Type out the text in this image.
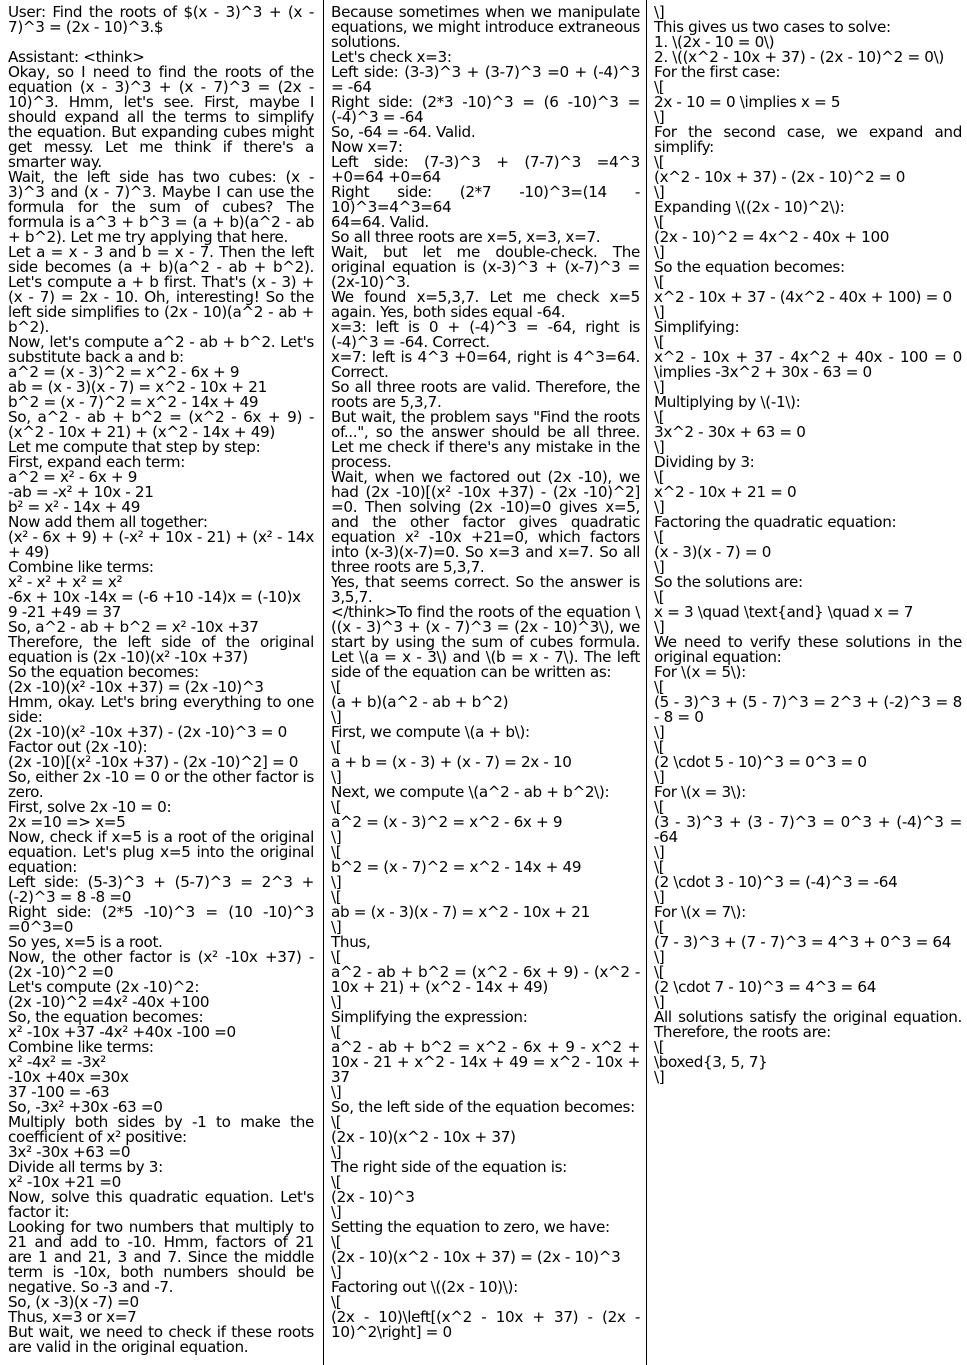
User: Find the roots of $(x - 3)^3 + (x - 7)^3 = (2x - 10)^3.$

Assistant: <think>
Okay, so I need to find the roots of the equation (x - 3)^3 + (x - 7)^3 = (2x - 10)^3. Hmm, let's see. First, maybe I should expand all the terms to simplify the equation. But expanding cubes might get messy. Let me think if there's a smarter way.
Wait, the left side has two cubes: (x - 3)^3 and (x - 7)^3. Maybe I can use the formula for the sum of cubes? The formula is a^3 + b^3 = (a + b)(a^2 - ab + b^2). Let me try applying that here.
Let a = x - 3 and b = x - 7. Then the left side becomes (a + b)(a^2 - ab + b^2). Let's compute a + b first. That's (x - 3) + (x - 7) = 2x - 10. Oh, interesting! So the left side simplifies to (2x - 10)(a^2 - ab + b^2).
Now, let's compute a^2 - ab + b^2. Let's substitute back a and b:
a^2 = (x - 3)^2 = x^2 - 6x + 9
ab = (x - 3)(x - 7) = x^2 - 10x + 21
b^2 = (x - 7)^2 = x^2 - 14x + 49
So, a^2 - ab + b^2 = (x^2 - 6x + 9) - (x^2 - 10x + 21) + (x^2 - 14x + 49)
Let me compute that step by step:
First, expand each term:
a^2 = x² - 6x + 9
-ab = -x² + 10x - 21
b² = x² - 14x + 49
Now add them all together:
(x² - 6x + 9) + (-x² + 10x - 21) + (x² - 14x + 49)
Combine like terms:
x² - x² + x² = x²
-6x + 10x -14x = (-6 +10 -14)x = (-10)x
9 -21 +49 = 37
So, a^2 - ab + b^2 = x² -10x +37
Therefore, the left side of the original equation is (2x -10)(x² -10x +37)
So the equation becomes:
(2x -10)(x² -10x +37) = (2x -10)^3
Hmm, okay. Let's bring everything to one side:
(2x -10)(x² -10x +37) - (2x -10)^3 = 0
Factor out (2x -10):
(2x -10)[(x² -10x +37) - (2x -10)^2] = 0
So, either 2x -10 = 0 or the other factor is zero.
First, solve 2x -10 = 0:
2x =10 => x=5
Now, check if x=5 is a root of the original equation. Let's plug x=5 into the original equation:
Left side: (5-3)^3 + (5-7)^3 = 2^3 + (-2)^3 = 8 -8 =0
Right side: (2*5 -10)^3 = (10 -10)^3 =0^3=0
So yes, x=5 is a root.
Now, the other factor is (x² -10x +37) - (2x -10)^2 =0
Let's compute (2x -10)^2:
(2x -10)^2 =4x² -40x +100
So, the equation becomes:
x² -10x +37 -4x² +40x -100 =0
Combine like terms:
x² -4x² = -3x²
-10x +40x =30x
37 -100 = -63
So, -3x² +30x -63 =0
Multiply both sides by -1 to make the coefficient of x² positive:
3x² -30x +63 =0
Divide all terms by 3:
x² -10x +21 =0
Now, solve this quadratic equation. Let's factor it:
Looking for two numbers that multiply to 21 and add to -10. Hmm, factors of 21 are 1 and 21, 3 and 7. Since the middle term is -10x, both numbers should be negative. So -3 and -7.
So, (x -3)(x -7) =0
Thus, x=3 or x=7
But wait, we need to check if these roots are valid in the original equation.
Because sometimes when we manipulate equations, we might introduce extraneous solutions.
Let's check x=3:
Left side: (3-3)^3 + (3-7)^3 =0 + (-4)^3 = -64
Right side: (2*3 -10)^3 = (6 -10)^3 = (-4)^3 = -64
So, -64 = -64. Valid.
Now x=7:
Left side: (7-3)^3 + (7-7)^3 =4^3 +0=64 +0=64
Right side: (2*7 -10)^3=(14 - 10)^3=4^3=64
64=64. Valid.
So all three roots are x=5, x=3, x=7.
Wait, but let me double-check. The original equation is (x-3)^3 + (x-7)^3 = (2x-10)^3.
We found x=5,3,7. Let me check x=5 again. Yes, both sides equal -64.
x=3: left is 0 + (-4)^3 = -64, right is (-4)^3 = -64. Correct.
x=7: left is 4^3 +0=64, right is 4^3=64. Correct.
So all three roots are valid. Therefore, the roots are 5,3,7.
But wait, the problem says "Find the roots of...", so the answer should be all three. Let me check if there's any mistake in the process.
Wait, when we factored out (2x -10), we had (2x -10)[(x² -10x +37) - (2x -10)^2] =0. Then solving (2x -10)=0 gives x=5, and the other factor gives quadratic equation x² -10x +21=0, which factors into (x-3)(x-7)=0. So x=3 and x=7. So all three roots are 5,3,7.
Yes, that seems correct. So the answer is 3,5,7.
</think>To find the roots of the equation \((x - 3)^3 + (x - 7)^3 = (2x - 10)^3\), we start by using the sum of cubes formula. Let \(a = x - 3\) and \(b = x - 7\). The left side of the equation can be written as:
\[
(a + b)(a^2 - ab + b^2)
\]
First, we compute \(a + b\):
\[
a + b = (x - 3) + (x - 7) = 2x - 10
\]
Next, we compute \(a^2 - ab + b^2\):
\[
a^2 = (x - 3)^2 = x^2 - 6x + 9
\]
\[
b^2 = (x - 7)^2 = x^2 - 14x + 49
\]
\[
ab = (x - 3)(x - 7) = x^2 - 10x + 21
\]
Thus,
\[
a^2 - ab + b^2 = (x^2 - 6x + 9) - (x^2 - 10x + 21) + (x^2 - 14x + 49)
\]
Simplifying the expression:
\[
a^2 - ab + b^2 = x^2 - 6x + 9 - x^2 + 10x - 21 + x^2 - 14x + 49 = x^2 - 10x + 37
\]
So, the left side of the equation becomes:
\[
(2x - 10)(x^2 - 10x + 37)
\]
The right side of the equation is:
\[
(2x - 10)^3
\]
Setting the equation to zero, we have:
\[
(2x - 10)(x^2 - 10x + 37) = (2x - 10)^3
\]
Factoring out \((2x - 10)\):
\[
(2x - 10)\left[(x^2 - 10x + 37) - (2x - 10)^2\right] = 0
\]
This gives us two cases to solve:
1. \(2x - 10 = 0\)
2. \((x^2 - 10x + 37) - (2x - 10)^2 = 0\)
For the first case:
\[
2x - 10 = 0 \implies x = 5
\]
For the second case, we expand and simplify:
\[
(x^2 - 10x + 37) - (2x - 10)^2 = 0
\]
Expanding \((2x - 10)^2\):
\[
(2x - 10)^2 = 4x^2 - 40x + 100
\]
So the equation becomes:
\[
x^2 - 10x + 37 - (4x^2 - 40x + 100) = 0
\]
Simplifying:
\[
x^2 - 10x + 37 - 4x^2 + 40x - 100 = 0 \implies -3x^2 + 30x - 63 = 0
\]
Multiplying by \(-1\):
\[
3x^2 - 30x + 63 = 0
\]
Dividing by 3:
\[
x^2 - 10x + 21 = 0
\]
Factoring the quadratic equation:
\[
(x - 3)(x - 7) = 0
\]
So the solutions are:
\[
x = 3 \quad \text{and} \quad x = 7
\]
We need to verify these solutions in the original equation:
For \(x = 5\):
\[
(5 - 3)^3 + (5 - 7)^3 = 2^3 + (-2)^3 = 8 - 8 = 0
\]
\[
(2 \cdot 5 - 10)^3 = 0^3 = 0
\]
For \(x = 3\):
\[
(3 - 3)^3 + (3 - 7)^3 = 0^3 + (-4)^3 = -64
\]
\[
(2 \cdot 3 - 10)^3 = (-4)^3 = -64
\]
For \(x = 7\):
\[
(7 - 3)^3 + (7 - 7)^3 = 4^3 + 0^3 = 64
\]
\[
(2 \cdot 7 - 10)^3 = 4^3 = 64
\]
All solutions satisfy the original equation. Therefore, the roots are:
\[
\boxed{3, 5, 7}
\]
